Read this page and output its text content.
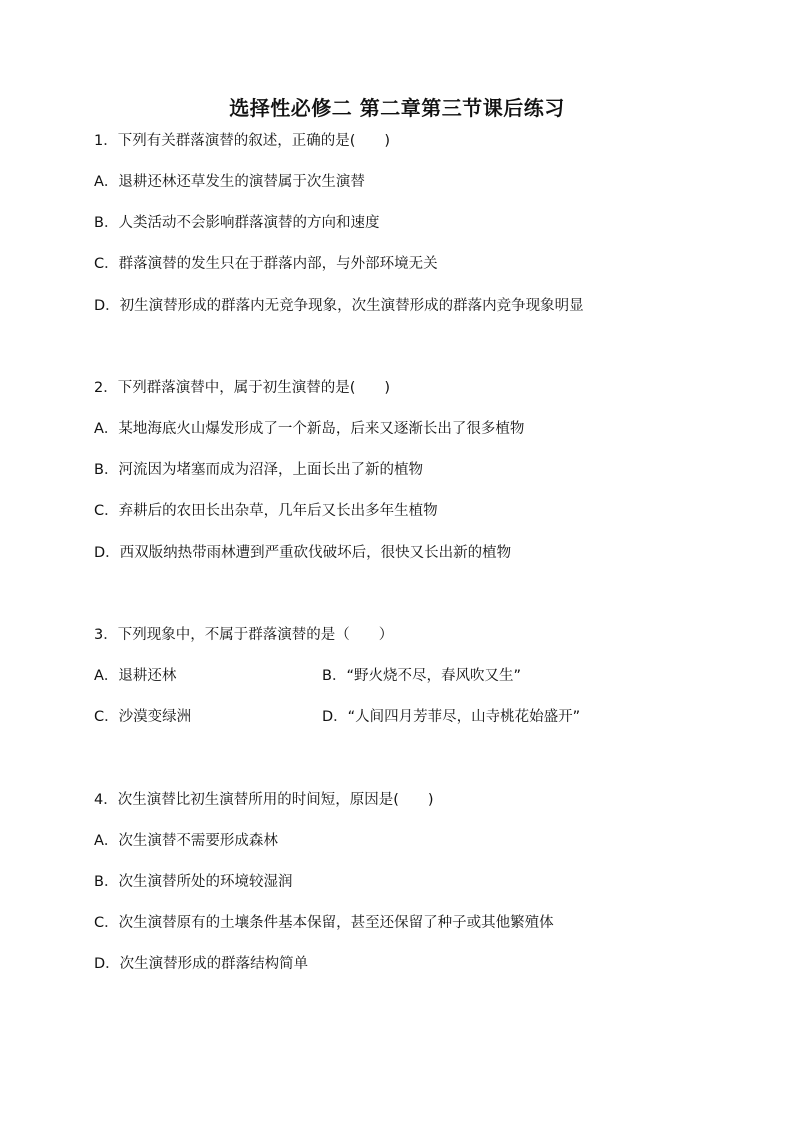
选择性必修二 第二章第三节课后练习

1．下列有关群落演替的叙述，正确的是(　　)

A．退耕还林还草发生的演替属于次生演替

B．人类活动不会影响群落演替的方向和速度

C．群落演替的发生只在于群落内部，与外部环境无关

D．初生演替形成的群落内无竞争现象，次生演替形成的群落内竞争现象明显

2．下列群落演替中，属于初生演替的是(　　)

A．某地海底火山爆发形成了一个新岛，后来又逐渐长出了很多植物

B．河流因为堵塞而成为沼泽，上面长出了新的植物

C．弃耕后的农田长出杂草，几年后又长出多年生植物

D．西双版纳热带雨林遭到严重砍伐破坏后，很快又长出新的植物

3．下列现象中，不属于群落演替的是（　　）

A．退耕还林	B．“野火烧不尽，春风吹又生”

C．沙漠变绿洲	D．“人间四月芳菲尽，山寺桃花始盛开”

4．次生演替比初生演替所用的时间短，原因是(　　)

A．次生演替不需要形成森林

B．次生演替所处的环境较湿润

C．次生演替原有的土壤条件基本保留，甚至还保留了种子或其他繁殖体

D．次生演替形成的群落结构简单
